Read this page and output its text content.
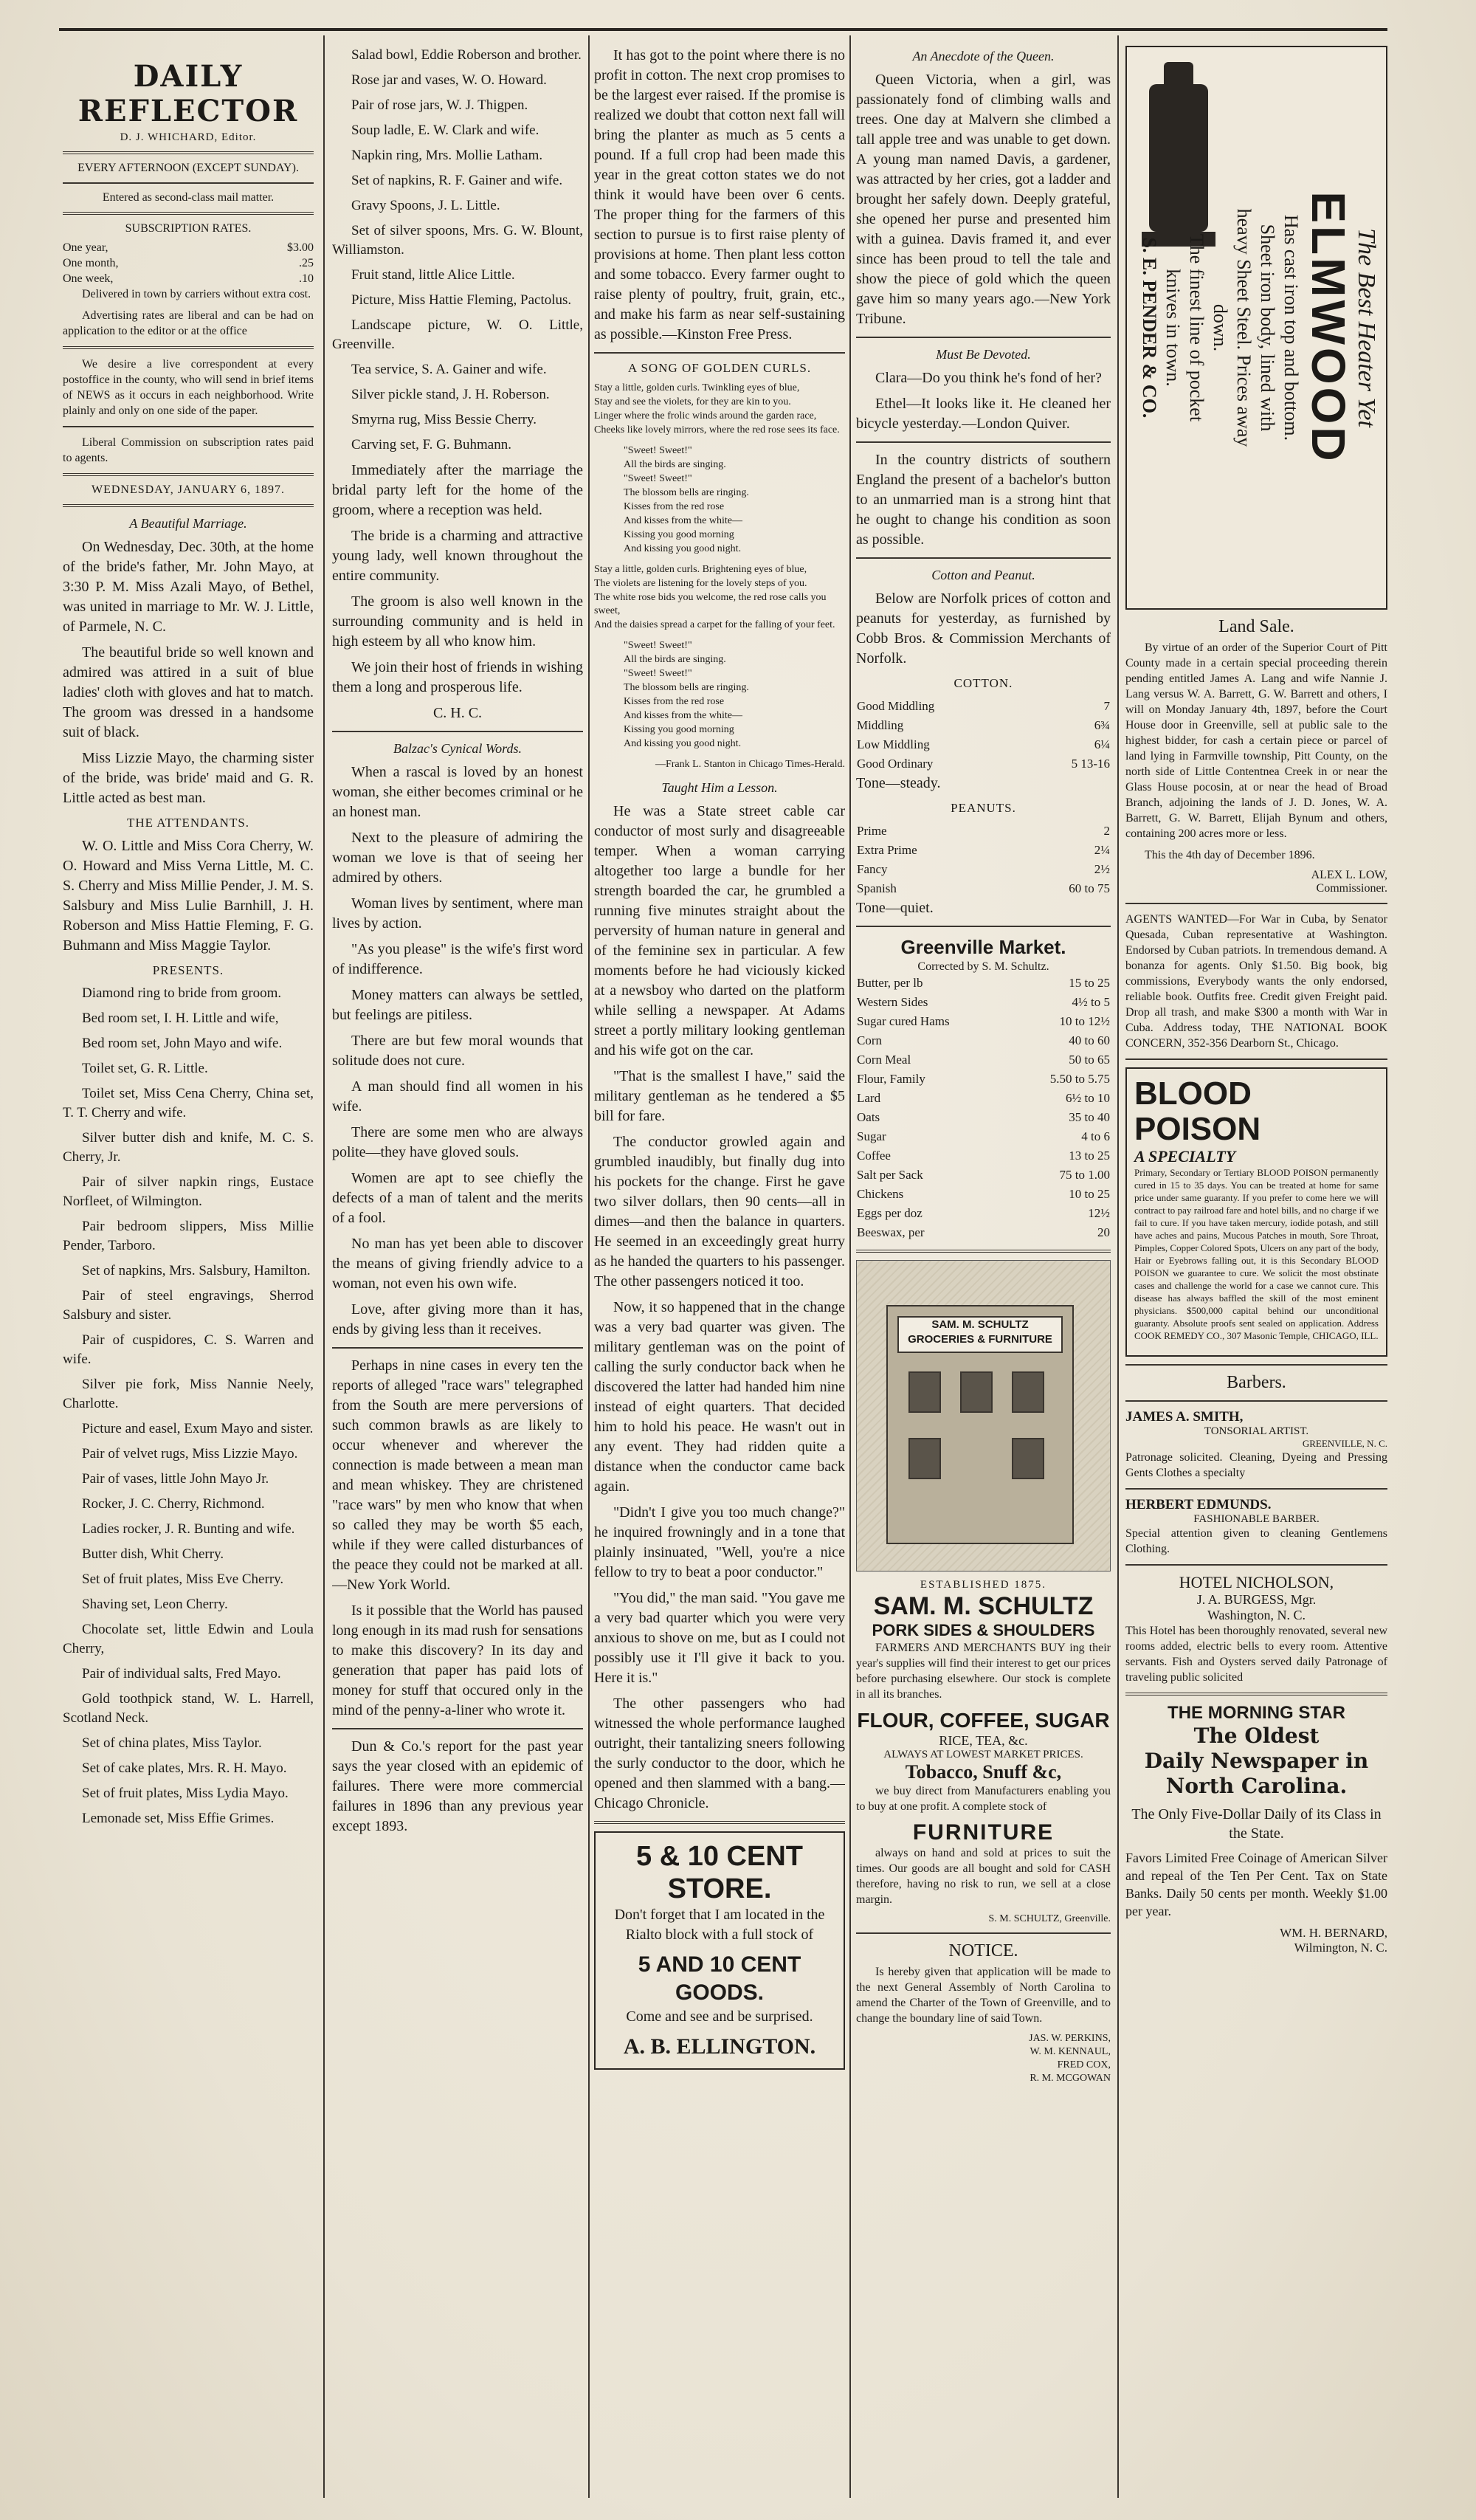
DAILY REFLECTOR
D. J. WHICHARD, Editor.
EVERY AFTERNOON (EXCEPT SUNDAY).
Entered as second-class mail matter.
SUBSCRIPTION RATES.
One year,	$3.00
One month,	.25
One week,	.10

Delivered in town by carriers without extra cost.

Advertising rates are liberal and can be had on application to the editor or at the office

We desire a live correspondent at every postoffice in the county, who will send in brief items of NEWS as it occurs in each neighborhood. Write plainly and only on one side of the paper.

Liberal Commission on subscription rates paid to agents.

WEDNESDAY, JANUARY 6, 1897.
A Beautiful Marriage.

On Wednesday, Dec. 30th, at the home of the bride's father, Mr. John Mayo, at 3:30 P. M. Miss Azali Mayo, of Bethel, was united in marriage to Mr. W. J. Little, of Parmele, N. C.

The beautiful bride so well known and admired was attired in a suit of blue ladies' cloth with gloves and hat to match. The groom was dressed in a handsome suit of black.

Miss Lizzie Mayo, the charming sister of the bride, was bride' maid and G. R. Little acted as best man.

THE ATTENDANTS.

W. O. Little and Miss Cora Cherry, W. O. Howard and Miss Verna Little, M. C. S. Cherry and Miss Millie Pender, J. M. S. Salsbury and Miss Lulie Barnhill, J. H. Roberson and Miss Hattie Fleming, F. G. Buhmann and Miss Maggie Taylor.

PRESENTS.

Diamond ring to bride from groom.

Bed room set, I. H. Little and wife,

Bed room set, John Mayo and wife.

Toilet set, G. R. Little.

Toilet set, Miss Cena Cherry, China set, T. T. Cherry and wife.

Silver butter dish and knife, M. C. S. Cherry, Jr.

Pair of silver napkin rings, Eustace Norfleet, of Wilmington.

Pair bedroom slippers, Miss Millie Pender, Tarboro.

Set of napkins, Mrs. Salsbury, Hamilton.

Pair of steel engravings, Sherrod Salsbury and sister.

Pair of cuspidores, C. S. Warren and wife.

Silver pie fork, Miss Nannie Neely, Charlotte.

Picture and easel, Exum Mayo and sister.

Pair of velvet rugs, Miss Lizzie Mayo.

Pair of vases, little John Mayo Jr.

Rocker, J. C. Cherry, Richmond.

Ladies rocker, J. R. Bunting and wife.

Butter dish, Whit Cherry.

Set of fruit plates, Miss Eve Cherry.

Shaving set, Leon Cherry.

Chocolate set, little Edwin and Loula Cherry,

Pair of individual salts, Fred Mayo.

Gold toothpick stand, W. L. Harrell, Scotland Neck.

Set of china plates, Miss Taylor.

Set of cake plates, Mrs. R. H. Mayo.

Set of fruit plates, Miss Lydia Mayo.

Lemonade set, Miss Effie Grimes.

Salad bowl, Eddie Roberson and brother.

Rose jar and vases, W. O. Howard.

Pair of rose jars, W. J. Thigpen.

Soup ladle, E. W. Clark and wife.

Napkin ring, Mrs. Mollie Latham.

Set of napkins, R. F. Gainer and wife.

Gravy Spoons, J. L. Little.

Set of silver spoons, Mrs. G. W. Blount, Williamston.

Fruit stand, little Alice Little.

Picture, Miss Hattie Fleming, Pactolus.

Landscape picture, W. O. Little, Greenville.

Tea service, S. A. Gainer and wife.

Silver pickle stand, J. H. Roberson.

Smyrna rug, Miss Bessie Cherry.

Carving set, F. G. Buhmann.

Immediately after the marriage the bridal party left for the home of the groom, where a reception was held.

The bride is a charming and attractive young lady, well known throughout the entire community.

The groom is also well known in the surrounding community and is held in high esteem by all who know him.

We join their host of friends in wishing them a long and prosperous life.

C. H. C.

Balzac's Cynical Words.

When a rascal is loved by an honest woman, she either becomes criminal or he an honest man.

Next to the pleasure of admiring the woman we love is that of seeing her admired by others.

Woman lives by sentiment, where man lives by action.

"As you please" is the wife's first word of indifference.

Money matters can always be settled, but feelings are pitiless.

There are but few moral wounds that solitude does not cure.

A man should find all women in his wife.

There are some men who are always polite—they have gloved souls.

Women are apt to see chiefly the defects of a man of talent and the merits of a fool.

No man has yet been able to discover the means of giving friendly advice to a woman, not even his own wife.

Love, after giving more than it has, ends by giving less than it receives.

Perhaps in nine cases in every ten the reports of alleged "race wars" telegraphed from the South are mere perversions of such common brawls as are likely to occur whenever and wherever the connection is made between a mean man and mean whiskey. They are christened "race wars" by men who know that when so called they may be worth $5 each, while if they were called disturbances of the peace they could not be marked at all.—New York World.

Is it possible that the World has paused long enough in its mad rush for sensations to make this discovery? In its day and generation that paper has paid lots of money for stuff that occured only in the mind of the penny-a-liner who wrote it.

Dun & Co.'s report for the past year says the year closed with an epidemic of failures. There were more commercial failures in 1896 than any previous year except 1893.

It has got to the point where there is no profit in cotton. The next crop promises to be the largest ever raised. If the promise is realized we doubt that cotton next fall will bring the planter as much as 5 cents a pound. If a full crop had been made this year in the great cotton states we do not think it would have been over 6 cents. The proper thing for the farmers of this section to pursue is to first raise plenty of provisions at home. Then plant less cotton and some tobacco. Every farmer ought to raise plenty of poultry, fruit, grain, etc., and make his farm as near self-sustaining as possible.—Kinston Free Press.

A SONG OF GOLDEN CURLS.
Stay a little, golden curls. Twinkling eyes of blue,
Stay and see the violets, for they are kin to you.
Linger where the frolic winds around the garden race,
Cheeks like lovely mirrors, where the red rose sees its face.
"Sweet! Sweet!"
All the birds are singing.
"Sweet! Sweet!"
The blossom bells are ringing.
Kisses from the red rose
And kisses from the white—
Kissing you good morning
And kissing you good night.
Stay a little, golden curls. Brightening eyes of blue,
The violets are listening for the lovely steps of you.
The white rose bids you welcome, the red rose calls you sweet,
And the daisies spread a carpet for the falling of your feet.
"Sweet! Sweet!"
All the birds are singing.
"Sweet! Sweet!"
The blossom bells are ringing.
Kisses from the red rose
And kisses from the white—
Kissing you good morning
And kissing you good night.
—Frank L. Stanton in Chicago Times-Herald.
Taught Him a Lesson.

He was a State street cable car conductor of most surly and disagreeable temper. When a woman carrying altogether too large a bundle for her strength boarded the car, he grumbled a running five minutes straight about the perversity of human nature in general and of the feminine sex in particular. A few moments before he had viciously kicked at a newsboy who darted on the platform while selling a newspaper. At Adams street a portly military looking gentleman and his wife got on the car.

"That is the smallest I have," said the military gentleman as he tendered a $5 bill for fare.

The conductor growled again and grumbled inaudibly, but finally dug into his pockets for the change. First he gave two silver dollars, then 90 cents—all in dimes—and then the balance in quarters. He seemed in an exceedingly great hurry as he handed the quarters to his passenger. The other passengers noticed it too.

Now, it so happened that in the change was a very bad quarter was given. The military gentleman was on the point of calling the surly conductor back when he discovered the latter had handed him nine instead of eight quarters. That decided him to hold his peace. He wasn't out in any event. They had ridden quite a distance when the conductor came back again.

"Didn't I give you too much change?" he inquired frowningly and in a tone that plainly insinuated, "Well, you're a nice fellow to try to beat a poor conductor."

"You did," the man said. "You gave me a very bad quarter which you were very anxious to shove on me, but as I could not possibly use it I'll give it back to you. Here it is."

The other passengers who had witnessed the whole performance laughed outright, their tantalizing sneers following the surly conductor to the door, which he opened and then slammed with a bang.—Chicago Chronicle.

5 & 10 CENT STORE.

Don't forget that I am located in the Rialto block with a full stock of

5 AND 10 CENT GOODS.

Come and see and be surprised.

A. B. ELLINGTON.
An Anecdote of the Queen.

Queen Victoria, when a girl, was passionately fond of climbing walls and trees. One day at Malvern she climbed a tall apple tree and was unable to get down. A young man named Davis, a gardener, was attracted by her cries, got a ladder and brought her safely down. Deeply grateful, she opened her purse and presented him with a guinea. Davis framed it, and ever since has been proud to tell the tale and show the piece of gold which the queen gave him so many years ago.—New York Tribune.

Must Be Devoted.

Clara—Do you think he's fond of her?

Ethel—It looks like it. He cleaned her bicycle yesterday.—London Quiver.

In the country districts of southern England the present of a bachelor's button to an unmarried man is a strong hint that he ought to change his condition as soon as possible.

Cotton and Peanut.

Below are Norfolk prices of cotton and peanuts for yesterday, as furnished by Cobb Bros. & Commission Merchants of Norfolk.

COTTON.
Good Middling	7
Middling	6¾
Low Middling	6¼
Good Ordinary	5 13-16

Tone—steady.

PEANUTS.
Prime	2
Extra Prime	2¼
Fancy	2½
Spanish	60 to 75

Tone—quiet.

Greenville Market.
Corrected by S. M. Schultz.
Butter, per lb	15 to 25
Western Sides	4½ to 5
Sugar cured Hams	10 to 12½
Corn	40 to 60
Corn Meal	50 to 65
Flour, Family	5.50 to 5.75
Lard	6½ to 10
Oats	35 to 40
Sugar	4 to 6
Coffee	13 to 25
Salt per Sack	75 to 1.00
Chickens	10 to 25
Eggs per doz	12½
Beeswax, per	20
SAM. M. SCHULTZ GROCERIES & FURNITURE
ESTABLISHED 1875.
SAM. M. SCHULTZ
PORK SIDES & SHOULDERS

FARMERS AND MERCHANTS BUY ing their year's supplies will find their interest to get our prices before purchasing elsewhere. Our stock is complete in all its branches.

FLOUR, COFFEE, SUGAR
RICE, TEA, &c.
ALWAYS AT LOWEST MARKET PRICES.
Tobacco, Snuff &c,

we buy direct from Manufacturers enabling you to buy at one profit. A complete stock of

FURNITURE

always on hand and sold at prices to suit the times. Our goods are all bought and sold for CASH therefore, having no risk to run, we sell at a close margin.

S. M. SCHULTZ, Greenville.
NOTICE.

Is hereby given that application will be made to the next General Assembly of North Carolina to amend the Charter of the Town of Greenville, and to change the boundary line of said Town.

JAS. W. PERKINS,
W. M. KENNAUL,
FRED COX,
R. M. MCGOWAN
The Best Heater Yet
ELMWOOD
Has cast iron top and bottom.
Sheet iron body, lined with
heavy Sheet Steel. Prices away
down.
The finest line of pocket
knives in town.
S. E. PENDER & CO.
Land Sale.

By virtue of an order of the Superior Court of Pitt County made in a certain special proceeding therein pending entitled James A. Lang and wife Nannie J. Lang versus W. A. Barrett, G. W. Barrett and others, I will on Monday January 4th, 1897, before the Court House door in Greenville, sell at public sale to the highest bidder, for cash a certain piece or parcel of land lying in Farmville township, Pitt County, on the north side of Little Contentnea Creek in or near the Glass House pocosin, at or near the head of Broad Branch, adjoining the lands of J. D. Jones, W. A. Barrett, G. W. Barrett, Elijah Bynum and others, containing 200 acres more or less.

This the 4th day of December 1896.

ALEX L. LOW,
Commissioner.

AGENTS WANTED—For War in Cuba, by Senator Quesada, Cuban representative at Washington. Endorsed by Cuban patriots. In tremendous demand. A bonanza for agents. Only $1.50. Big book, big commissions, Everybody wants the only endorsed, reliable book. Outfits free. Credit given Freight paid. Drop all trash, and make $300 a month with War in Cuba. Address today, THE NATIONAL BOOK CONCERN, 352-356 Dearborn St., Chicago.

BLOOD POISON
A SPECIALTY

Primary, Secondary or Tertiary BLOOD POISON permanently cured in 15 to 35 days. You can be treated at home for same price under same guaranty. If you prefer to come here we will contract to pay railroad fare and hotel bills, and no charge if we fail to cure. If you have taken mercury, iodide potash, and still have aches and pains, Mucous Patches in mouth, Sore Throat, Pimples, Copper Colored Spots, Ulcers on any part of the body, Hair or Eyebrows falling out, it is this Secondary BLOOD POISON we guarantee to cure. We solicit the most obstinate cases and challenge the world for a case we cannot cure. This disease has always baffled the skill of the most eminent physicians. $500,000 capital behind our unconditional guaranty. Absolute proofs sent sealed on application. Address COOK REMEDY CO., 307 Masonic Temple, CHICAGO, ILL.

Barbers.
JAMES A. SMITH,
TONSORIAL ARTIST.
GREENVILLE, N. C.

Patronage solicited. Cleaning, Dyeing and Pressing Gents Clothes a specialty

HERBERT EDMUNDS.
FASHIONABLE BARBER.

Special attention given to cleaning Gentlemens Clothing.

HOTEL NICHOLSON,
J. A. BURGESS, Mgr.
Washington, N. C.

This Hotel has been thoroughly renovated, several new rooms added, electric bells to every room. Attentive servants. Fish and Oysters served daily Patronage of traveling public solicited

THE MORNING STAR
The Oldest
Daily Newspaper in
North Carolina.
The Only Five-Dollar Daily of its Class in the State.

Favors Limited Free Coinage of American Silver and repeal of the Ten Per Cent. Tax on State Banks. Daily 50 cents per month. Weekly $1.00 per year.

WM. H. BERNARD,
Wilmington, N. C.
